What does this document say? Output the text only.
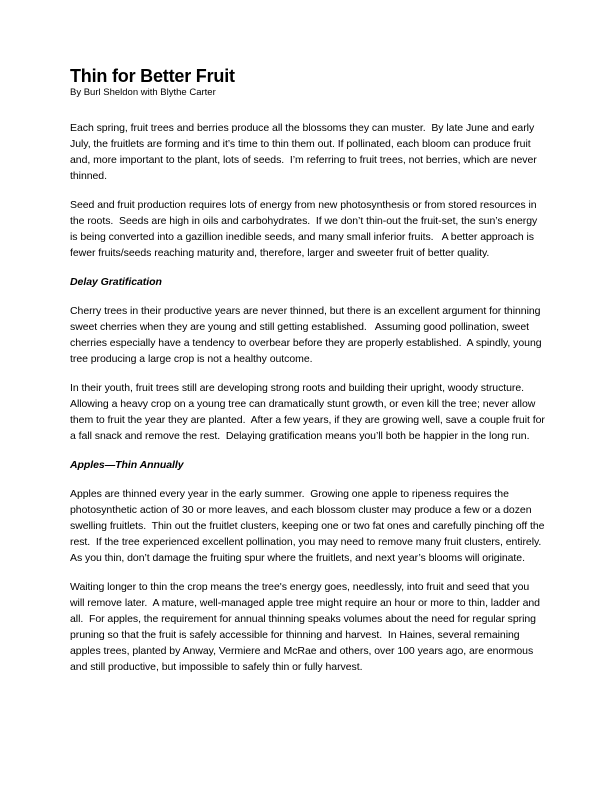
Thin for Better Fruit
By Burl Sheldon with Blythe Carter

Each spring, fruit trees and berries produce all the blossoms they can muster.  By late June and early July, the fruitlets are forming and it’s time to thin them out. If pollinated, each bloom can produce fruit and, more important to the plant, lots of seeds.  I’m referring to fruit trees, not berries, which are never thinned.

Seed and fruit production requires lots of energy from new photosynthesis or from stored resources in the roots.  Seeds are high in oils and carbohydrates.  If we don’t thin-out the fruit-set, the sun’s energy is being converted into a gazillion inedible seeds, and many small inferior fruits.   A better approach is fewer fruits/seeds reaching maturity and, therefore, larger and sweeter fruit of better quality.

Delay Gratification

Cherry trees in their productive years are never thinned, but there is an excellent argument for thinning sweet cherries when they are young and still getting established.   Assuming good pollination, sweet cherries especially have a tendency to overbear before they are properly established.  A spindly, young tree producing a large crop is not a healthy outcome.

In their youth, fruit trees still are developing strong roots and building their upright, woody structure.  Allowing a heavy crop on a young tree can dramatically stunt growth, or even kill the tree; never allow them to fruit the year they are planted.  After a few years, if they are growing well, save a couple fruit for a fall snack and remove the rest.  Delaying gratification means you’ll both be happier in the long run.

Apples—Thin Annually

Apples are thinned every year in the early summer.  Growing one apple to ripeness requires the photosynthetic action of 30 or more leaves, and each blossom cluster may produce a few or a dozen swelling fruitlets.  Thin out the fruitlet clusters, keeping one or two fat ones and carefully pinching off the rest.  If the tree experienced excellent pollination, you may need to remove many fruit clusters, entirely.  As you thin, don’t damage the fruiting spur where the fruitlets, and next year’s blooms will originate.

Waiting longer to thin the crop means the tree's energy goes, needlessly, into fruit and seed that you will remove later.  A mature, well-managed apple tree might require an hour or more to thin, ladder and all.  For apples, the requirement for annual thinning speaks volumes about the need for regular spring pruning so that the fruit is safely accessible for thinning and harvest.  In Haines, several remaining apples trees, planted by Anway, Vermiere and McRae and others, over 100 years ago, are enormous and still productive, but impossible to safely thin or fully harvest.
